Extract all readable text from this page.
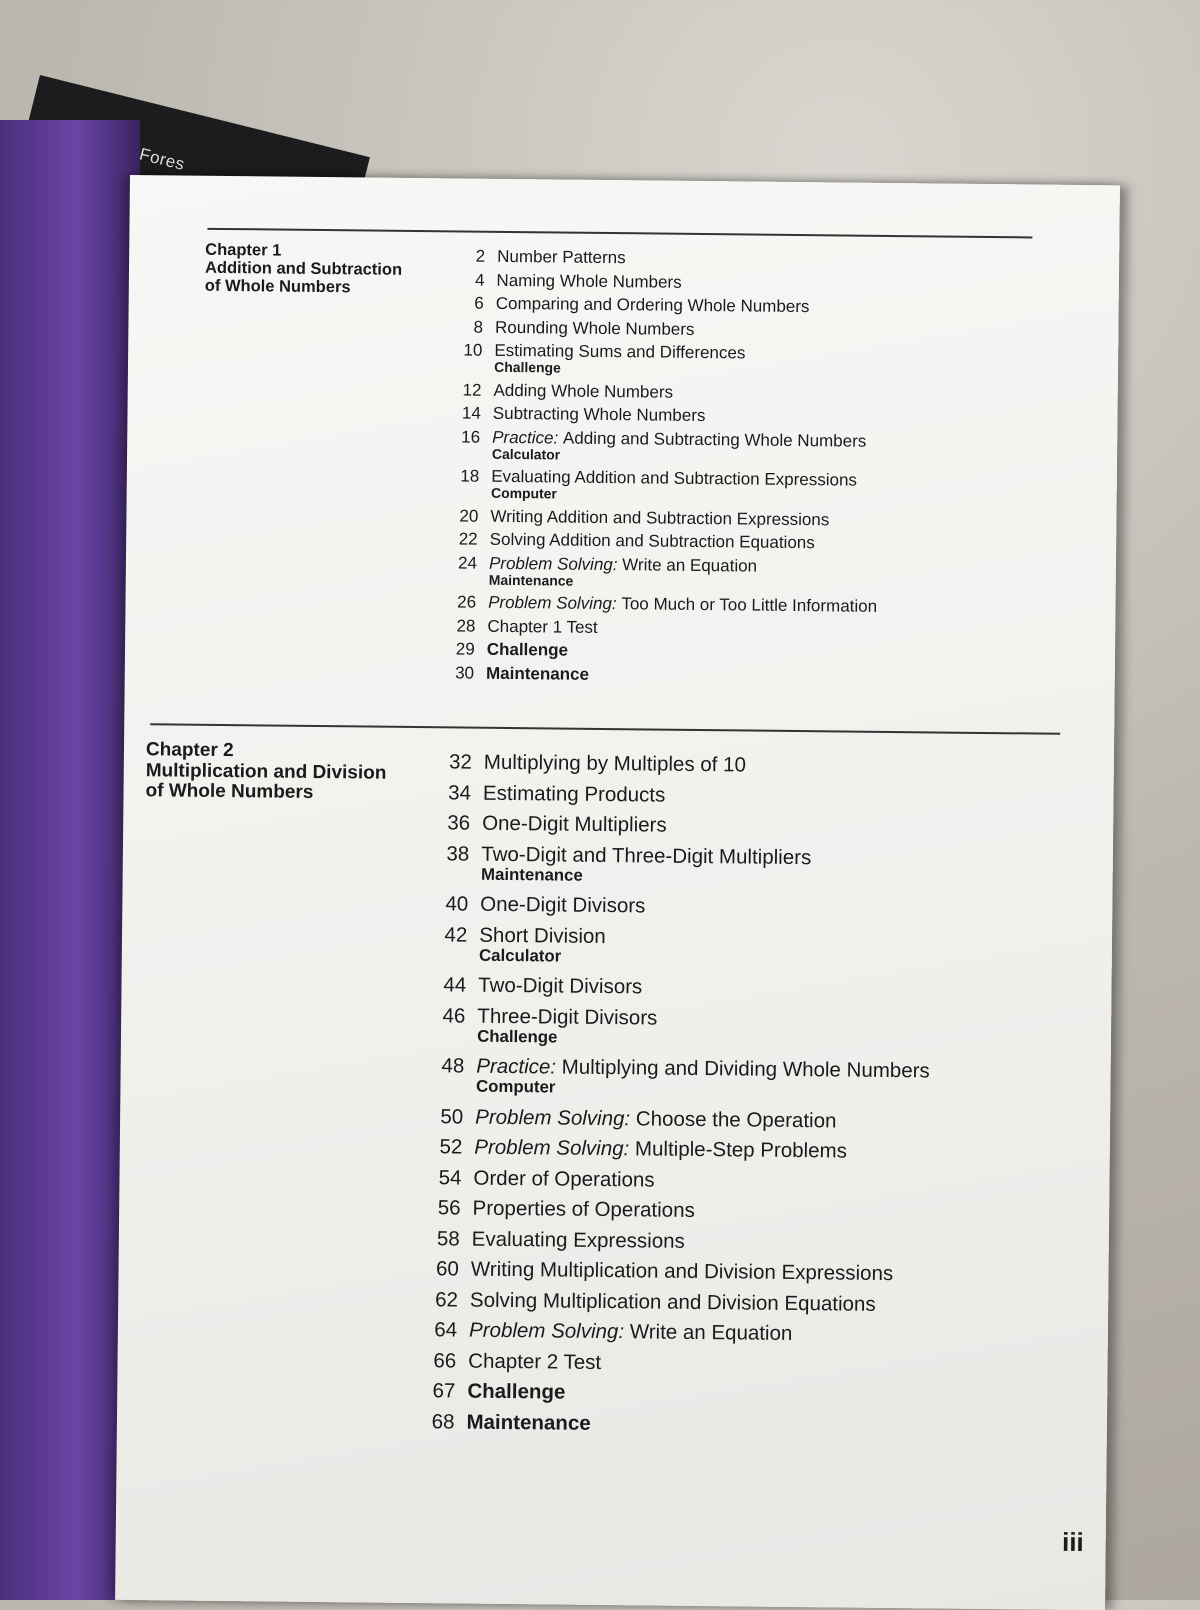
Fores

Chapter 1
Addition and Subtraction
of Whole Numbers

2 Number Patterns
4 Naming Whole Numbers
6 Comparing and Ordering Whole Numbers
8 Rounding Whole Numbers
10 Estimating Sums and Differences
Challenge
12 Adding Whole Numbers
14 Subtracting Whole Numbers
16 Practice: Adding and Subtracting Whole Numbers
Calculator
18 Evaluating Addition and Subtraction Expressions
Computer
20 Writing Addition and Subtraction Expressions
22 Solving Addition and Subtraction Equations
24 Problem Solving: Write an Equation
Maintenance
26 Problem Solving: Too Much or Too Little Information
28 Chapter 1 Test
29 Challenge
30 Maintenance

Chapter 2
Multiplication and Division
of Whole Numbers

32 Multiplying by Multiples of 10
34 Estimating Products
36 One-Digit Multipliers
38 Two-Digit and Three-Digit Multipliers
Maintenance
40 One-Digit Divisors
42 Short Division
Calculator
44 Two-Digit Divisors
46 Three-Digit Divisors
Challenge
48 Practice: Multiplying and Dividing Whole Numbers
Computer
50 Problem Solving: Choose the Operation
52 Problem Solving: Multiple-Step Problems
54 Order of Operations
56 Properties of Operations
58 Evaluating Expressions
60 Writing Multiplication and Division Expressions
62 Solving Multiplication and Division Equations
64 Problem Solving: Write an Equation
66 Chapter 2 Test
67 Challenge
68 Maintenance
iii
